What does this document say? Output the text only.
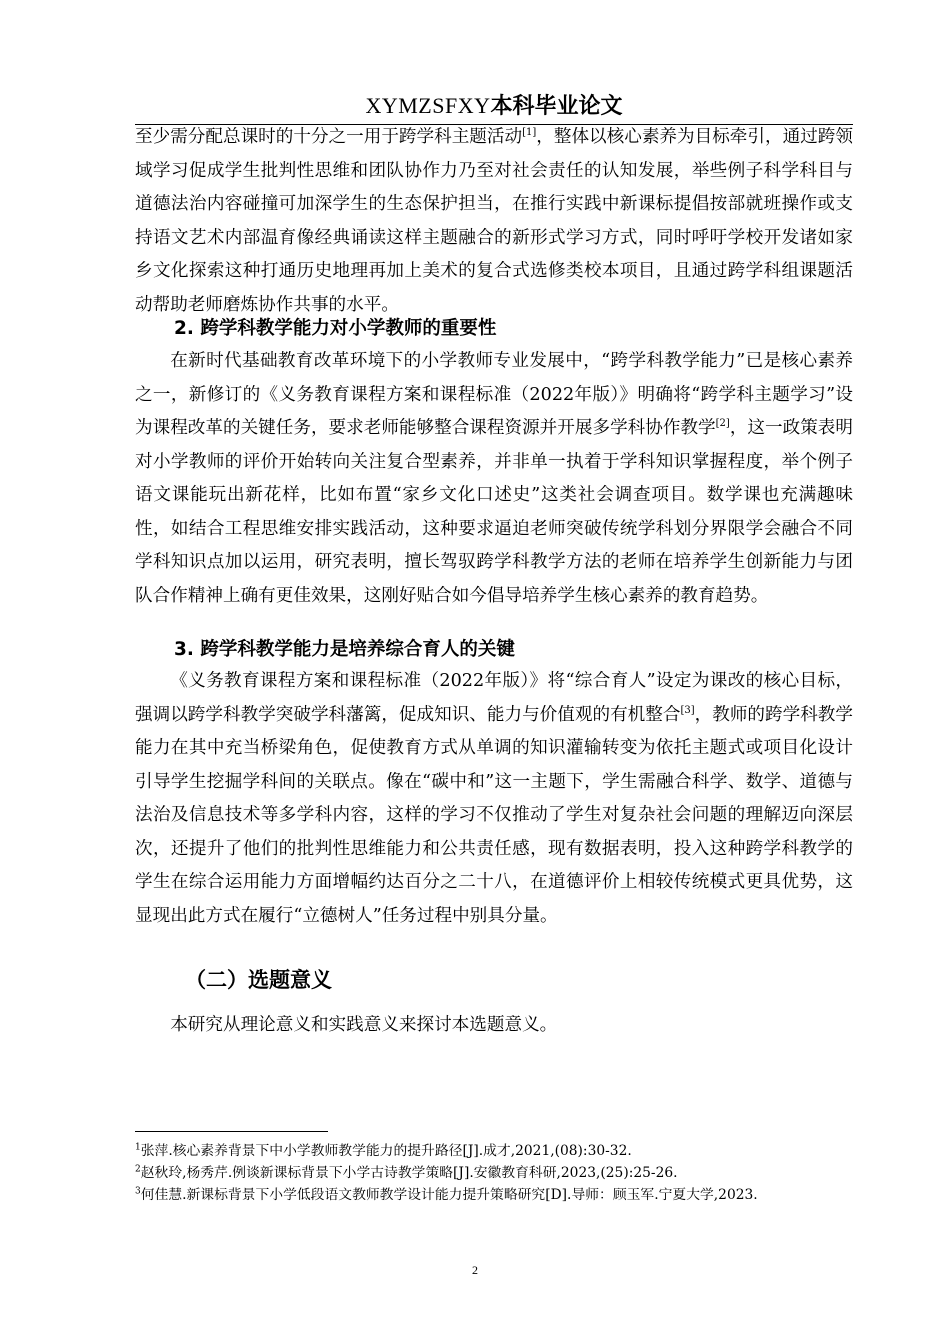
XYMZSFXY本科毕业论文

至少需分配总课时的十分之一用于跨学科主题活动[1]，整体以核心素养为目标牵引，通过跨领域学习促成学生批判性思维和团队协作力乃至对社会责任的认知发展，举些例子科学科目与道德法治内容碰撞可加深学生的生态保护担当，在推行实践中新课标提倡按部就班操作或支持语文艺术内部温育像经典诵读这样主题融合的新形式学习方式，同时呼吁学校开发诸如家乡文化探索这种打通历史地理再加上美术的复合式选修类校本项目，且通过跨学科组课题活动帮助老师磨炼协作共事的水平。

2. 跨学科教学能力对小学教师的重要性

在新时代基础教育改革环境下的小学教师专业发展中，“跨学科教学能力”已是核心素养之一，新修订的《义务教育课程方案和课程标准（2022年版）》明确将“跨学科主题学习”设为课程改革的关键任务，要求老师能够整合课程资源并开展多学科协作教学[2]，这一政策表明对小学教师的评价开始转向关注复合型素养，并非单一执着于学科知识掌握程度，举个例子语文课能玩出新花样，比如布置“家乡文化口述史”这类社会调查项目。数学课也充满趣味性，如结合工程思维安排实践活动，这种要求逼迫老师突破传统学科划分界限学会融合不同学科知识点加以运用，研究表明，擅长驾驭跨学科教学方法的老师在培养学生创新能力与团队合作精神上确有更佳效果，这刚好贴合如今倡导培养学生核心素养的教育趋势。

3. 跨学科教学能力是培养综合育人的关键

《义务教育课程方案和课程标准（2022年版）》将“综合育人”设定为课改的核心目标，强调以跨学科教学突破学科藩篱，促成知识、能力与价值观的有机整合[3]，教师的跨学科教学能力在其中充当桥梁角色，促使教育方式从单调的知识灌输转变为依托主题式或项目化设计引导学生挖掘学科间的关联点。像在“碳中和”这一主题下，学生需融合科学、数学、道德与法治及信息技术等多学科内容，这样的学习不仅推动了学生对复杂社会问题的理解迈向深层次，还提升了他们的批判性思维能力和公共责任感，现有数据表明，投入这种跨学科教学的学生在综合运用能力方面增幅约达百分之二十八，在道德评价上相较传统模式更具优势，这显现出此方式在履行“立德树人”任务过程中别具分量。

（二）选题意义

本研究从理论意义和实践意义来探讨本选题意义。

$^1$张萍.核心素养背景下中小学教师教学能力的提升路径[J].成才,2021,(08):30-32.

$^2$赵秋玲,杨秀芹.例谈新课标背景下小学古诗教学策略[J].安徽教育科研,2023,(25):25-26.

$^3$何佳慧.新课标背景下小学低段语文教师教学设计能力提升策略研究[D].导师：顾玉军.宁夏大学,2023.

2
